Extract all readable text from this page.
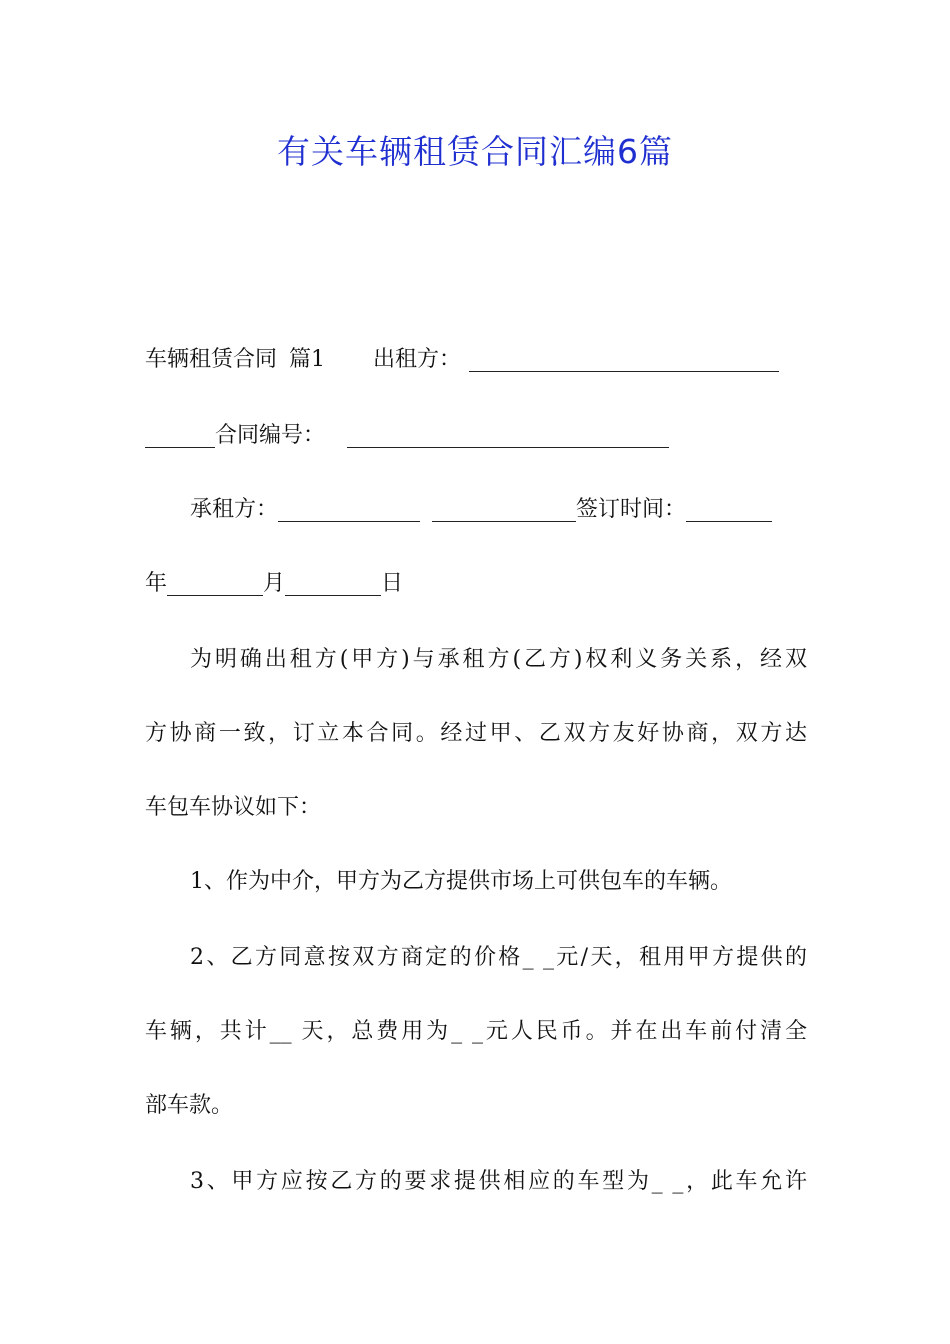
有关车辆租赁合同汇编6篇
车辆租赁合同 篇1 出租方：
合同编号：
承租方：	签订时间：
年	月	日
为明确出租方(甲方)与承租方(乙方)权利义务关系，经双
方协商一致，订立本合同。经过甲、乙双方友好协商，双方达
车包车协议如下：
1、作为中介，甲方为乙方提供市场上可供包车的车辆。
2、乙方同意按双方商定的价格_ _元/天，租用甲方提供的
车辆，共计__ 天，总费用为_ _元人民币。并在出车前付清全
部车款。
3、甲方应按乙方的要求提供相应的车型为_ _，此车允许
